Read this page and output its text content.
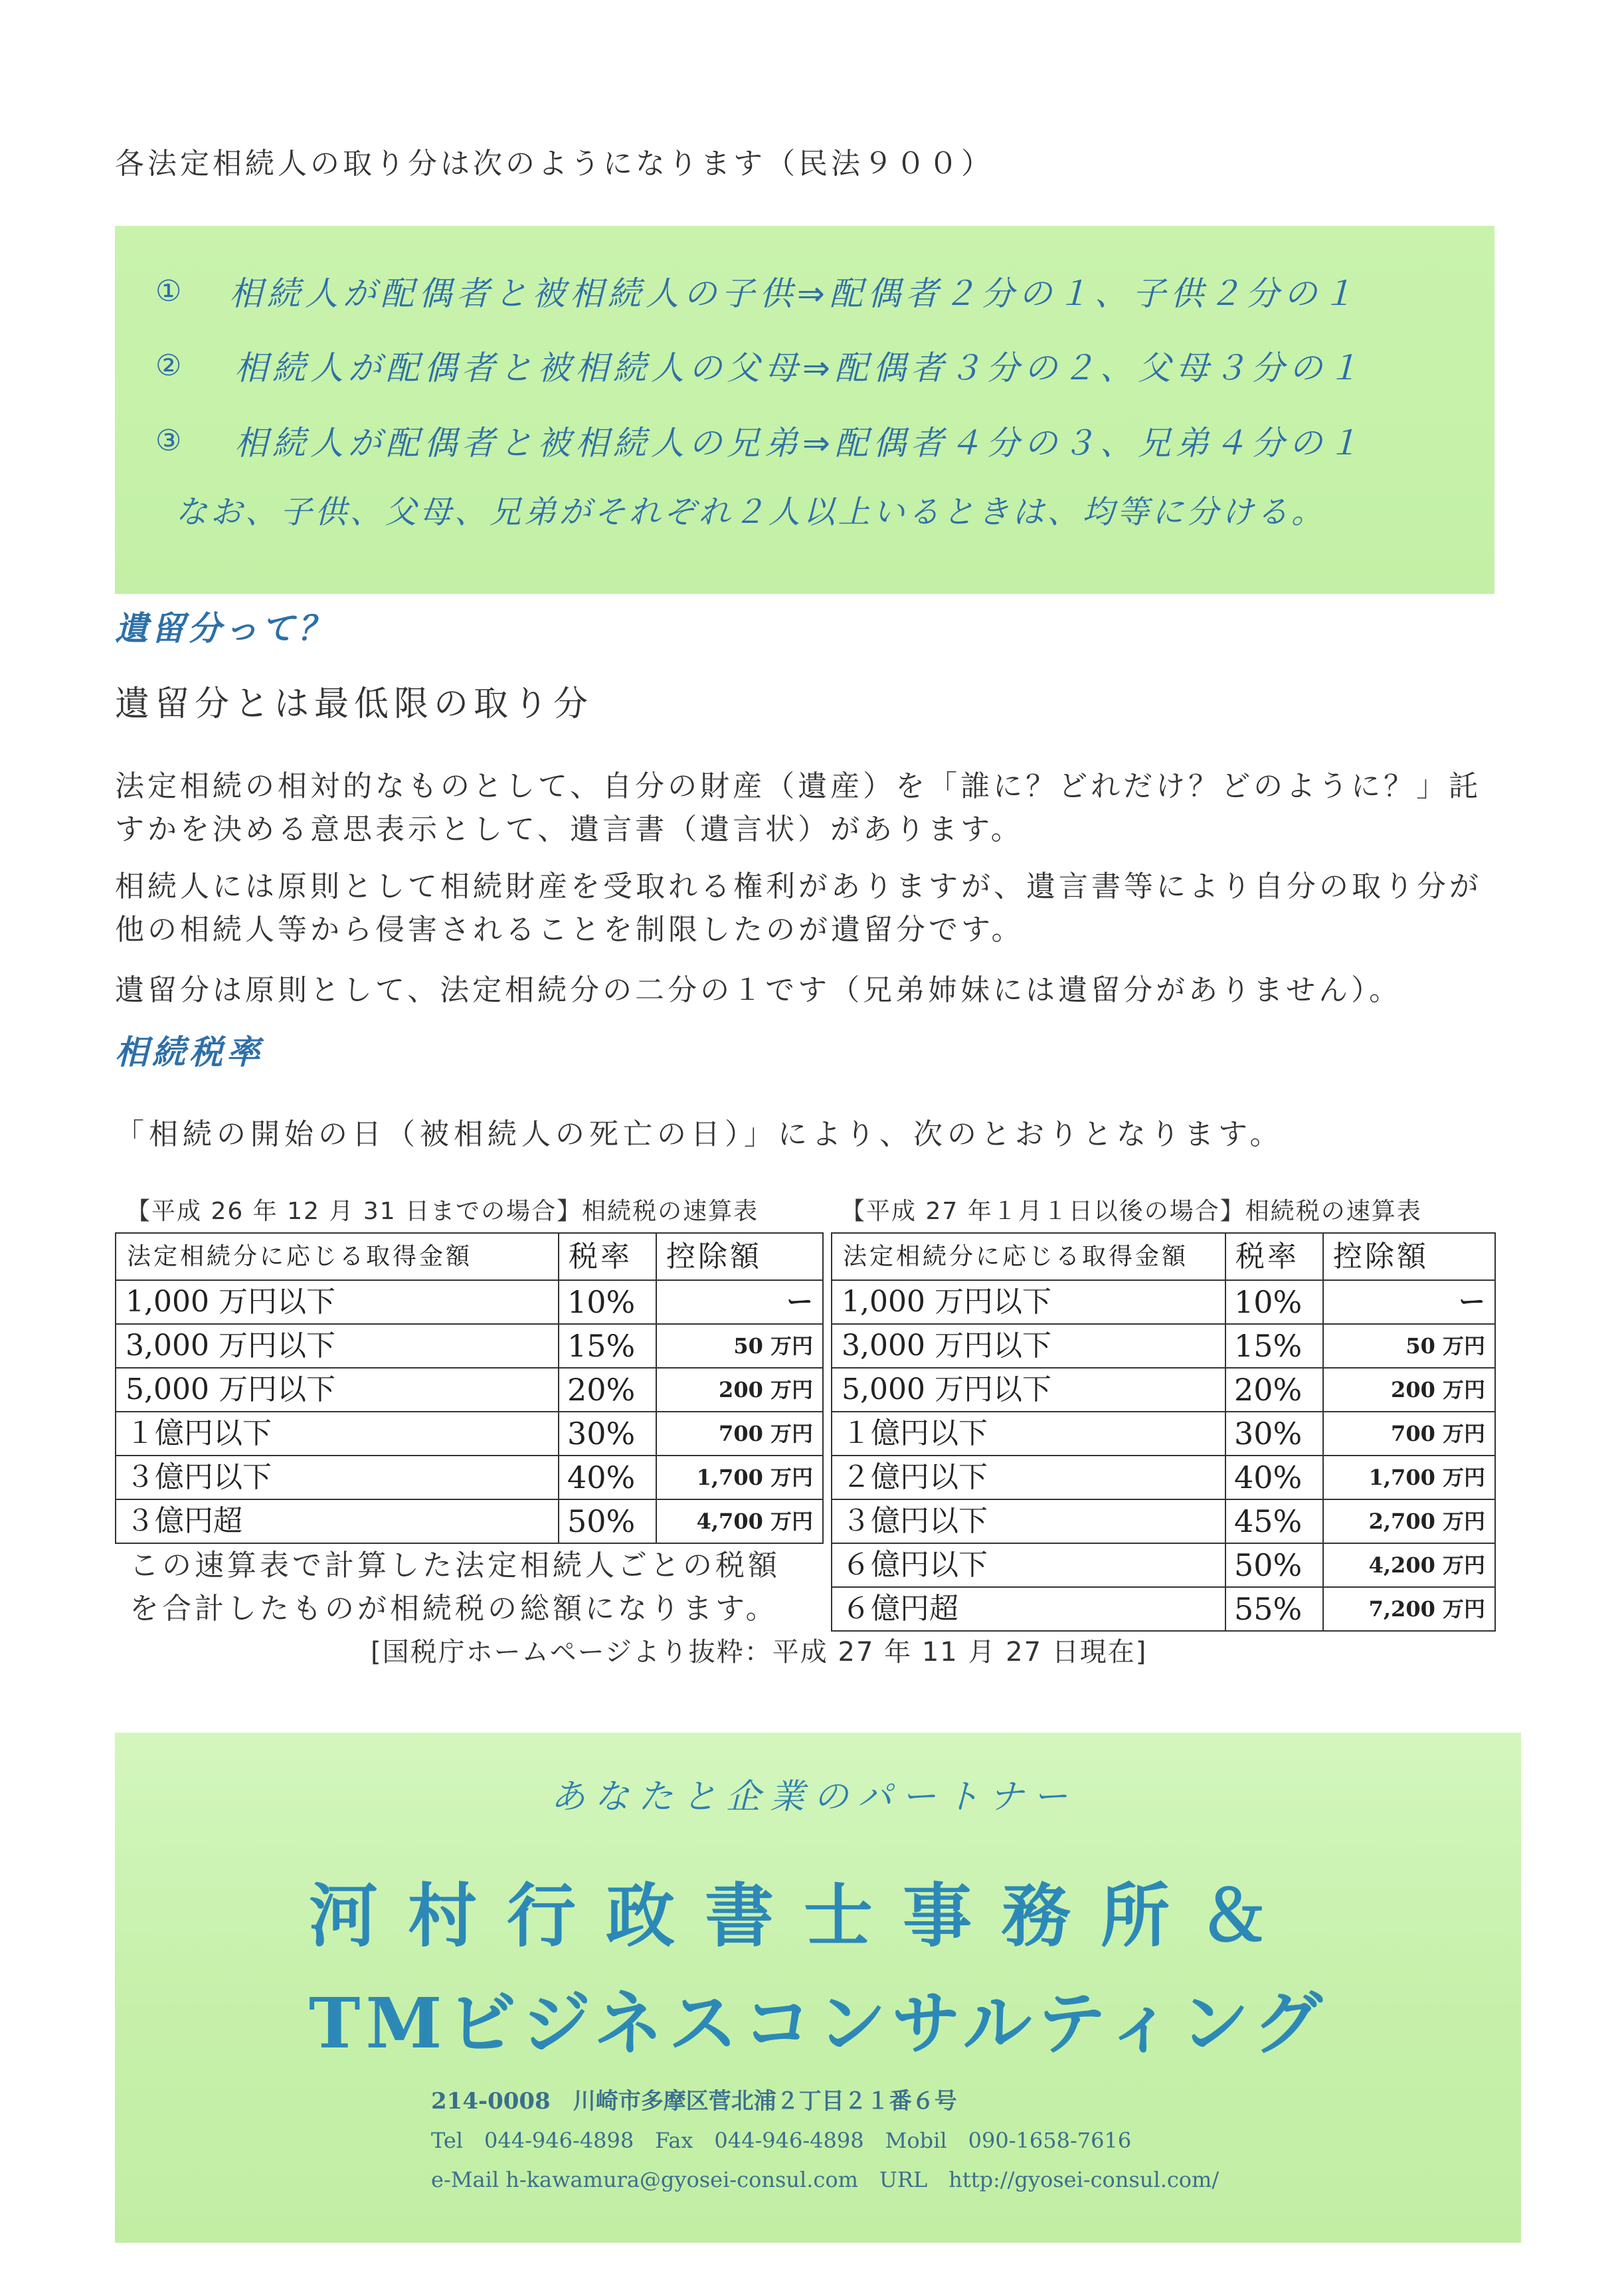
各法定相続人の取り分は次のようになります（民法９００）
① 相続人が配偶者と被相続人の子供⇒配偶者２分の１、子供２分の１
② 相続人が配偶者と被相続人の父母⇒配偶者３分の２、父母３分の１
③ 相続人が配偶者と被相続人の兄弟⇒配偶者４分の３、兄弟４分の１
なお、子供、父母、兄弟がそれぞれ２人以上いるときは、均等に分ける。
遺留分って？
遺留分とは最低限の取り分
法定相続の相対的なものとして、自分の財産（遺産）を「誰に？どれだけ？どのように？」託
すかを決める意思表示として、遺言書（遺言状）があります。
相続人には原則として相続財産を受取れる権利がありますが、遺言書等により自分の取り分が
他の相続人等から侵害されることを制限したのが遺留分です。
遺留分は原則として、法定相続分の二分の１です（兄弟姉妹には遺留分がありません）。
相続税率
「相続の開始の日（被相続人の死亡の日）」により、次のとおりとなります。
【平成 26 年 12 月 31 日までの場合】相続税の速算表	【平成 27 年１月１日以後の場合】相続税の速算表
法定相続分に応じる取得金額	税率	控除額
1,000 万円以下	10%	ー
3,000 万円以下	15%	50 万円
5,000 万円以下	20%	200 万円
１億円以下	30%	700 万円
３億円以下	40%	1,700 万円
３億円超	50%	4,700 万円
法定相続分に応じる取得金額	税率	控除額
1,000 万円以下	10%	ー
3,000 万円以下	15%	50 万円
5,000 万円以下	20%	200 万円
１億円以下	30%	700 万円
２億円以下	40%	1,700 万円
３億円以下	45%	2,700 万円
６億円以下	50%	4,200 万円
６億円超	55%	7,200 万円
この速算表で計算した法定相続人ごとの税額
を合計したものが相続税の総額になります。
[国税庁ホームページより抜粋：平成 27 年 11 月 27 日現在]
あなたと企業のパートナー
河村行政書士事務所＆
TMビジネスコンサルティング
214-0008　川崎市多摩区菅北浦２丁目２１番６号
Tel　044-946-4898　Fax　044-946-4898　Mobil　090-1658-7616
e-Mail h-kawamura@gyosei-consul.com　URL　http://gyosei-consul.com/
